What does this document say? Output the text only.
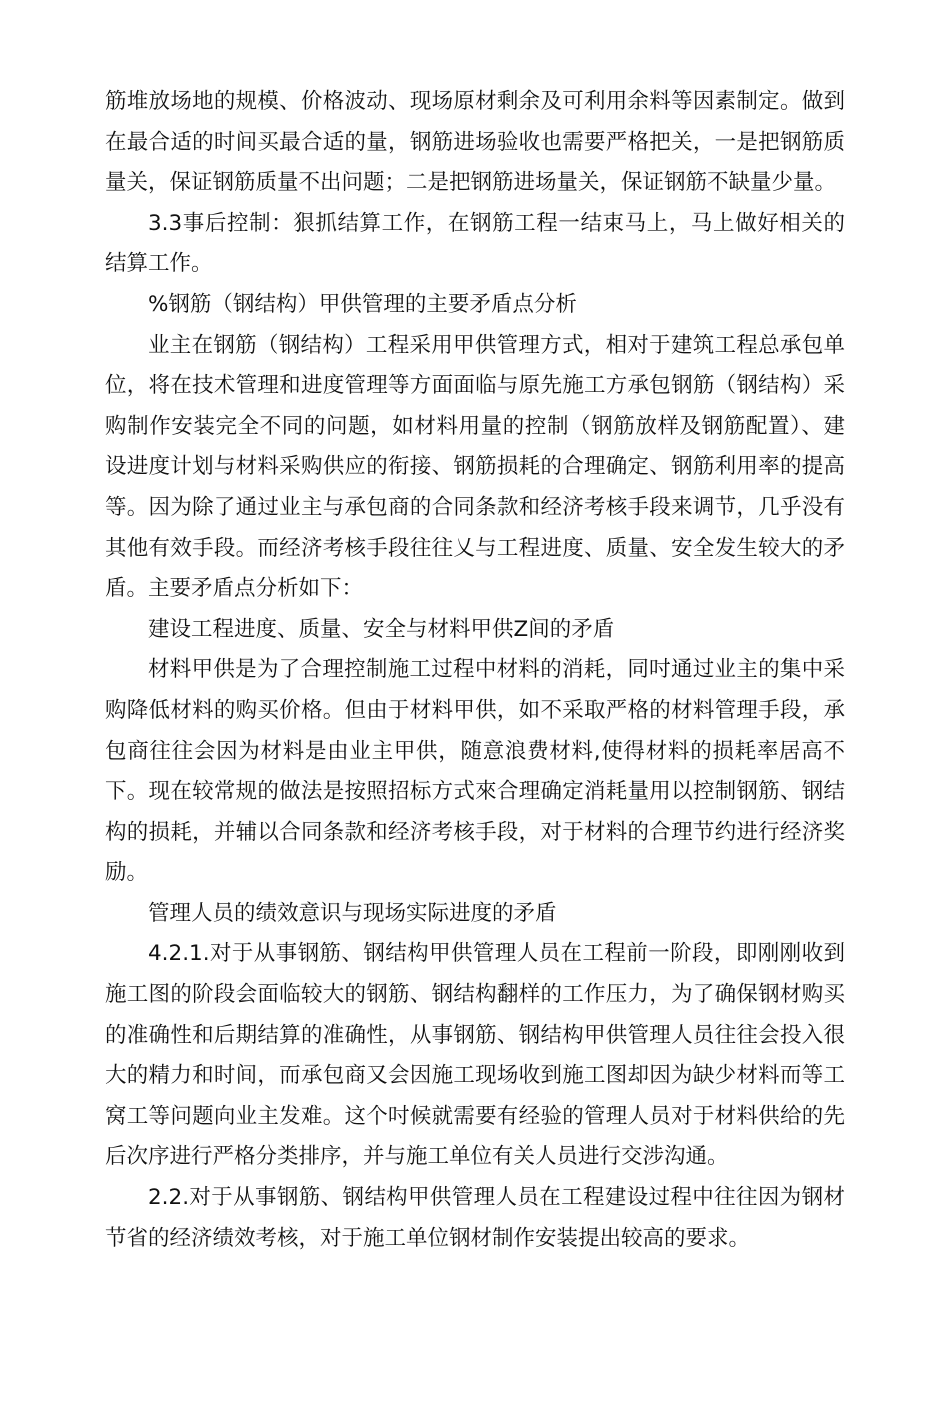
筋堆放场地的规模、价格波动、现场原材剩余及可利用余料等因素制定。做到在最合适的时间买最合适的量，钢筋进场验收也需要严格把关，一是把钢筋质量关，保证钢筋质量不出问题；二是把钢筋进场量关，保证钢筋不缺量少量。

3.3事后控制：狠抓结算工作，在钢筋工程一结束马上，马上做好相关的结算工作。

%钢筋（钢结构）甲供管理的主要矛盾点分析

业主在钢筋（钢结构）工程采用甲供管理方式，相对于建筑工程总承包单位，将在技术管理和进度管理等方面面临与原先施工方承包钢筋（钢结构）采购制作安装完全不同的问题，如材料用量的控制（钢筋放样及钢筋配置）、建设进度计划与材料采购供应的衔接、钢筋损耗的合理确定、钢筋利用率的提高等。因为除了通过业主与承包商的合同条款和经济考核手段来调节，几乎没有其他有效手段。而经济考核手段往往乂与工程进度、质量、安全发生较大的矛盾。主要矛盾点分析如下：

建设工程进度、质量、安全与材料甲供Z间的矛盾

材料甲供是为了合理控制施工过程中材料的消耗，同吋通过业主的集中采购降低材料的购买价格。但由于材料甲供，如不采取严格的材料管理手段，承包商往往会因为材料是由业主甲供，随意浪费材料,使得材料的损耗率居高不下。现在较常规的做法是按照招标方式來合理确定消耗量用以控制钢筋、钢结构的损耗，并辅以合同条款和经济考核手段，对于材料的合理节约进行经济奖励。

管理人员的绩效意识与现场实际进度的矛盾

4.2.1.对于从事钢筋、钢结构甲供管理人员在工程前一阶段，即刚刚收到施工图的阶段会面临较大的钢筋、钢结构翻样的工作压力，为了确保钢材购买的准确性和后期结算的准确性，从事钢筋、钢结构甲供管理人员往往会投入很大的精力和时间，而承包商又会因施工现场收到施工图却因为缺少材料而等工窝工等问题向业主发难。这个吋候就需要有经验的管理人员对于材料供给的先后次序进行严格分类排序，并与施工单位有关人员进行交涉沟通。

2.2.对于从事钢筋、钢结构甲供管理人员在工程建设过程中往往因为钢材节省的经济绩效考核，对于施工单位钢材制作安装提出较高的要求。
